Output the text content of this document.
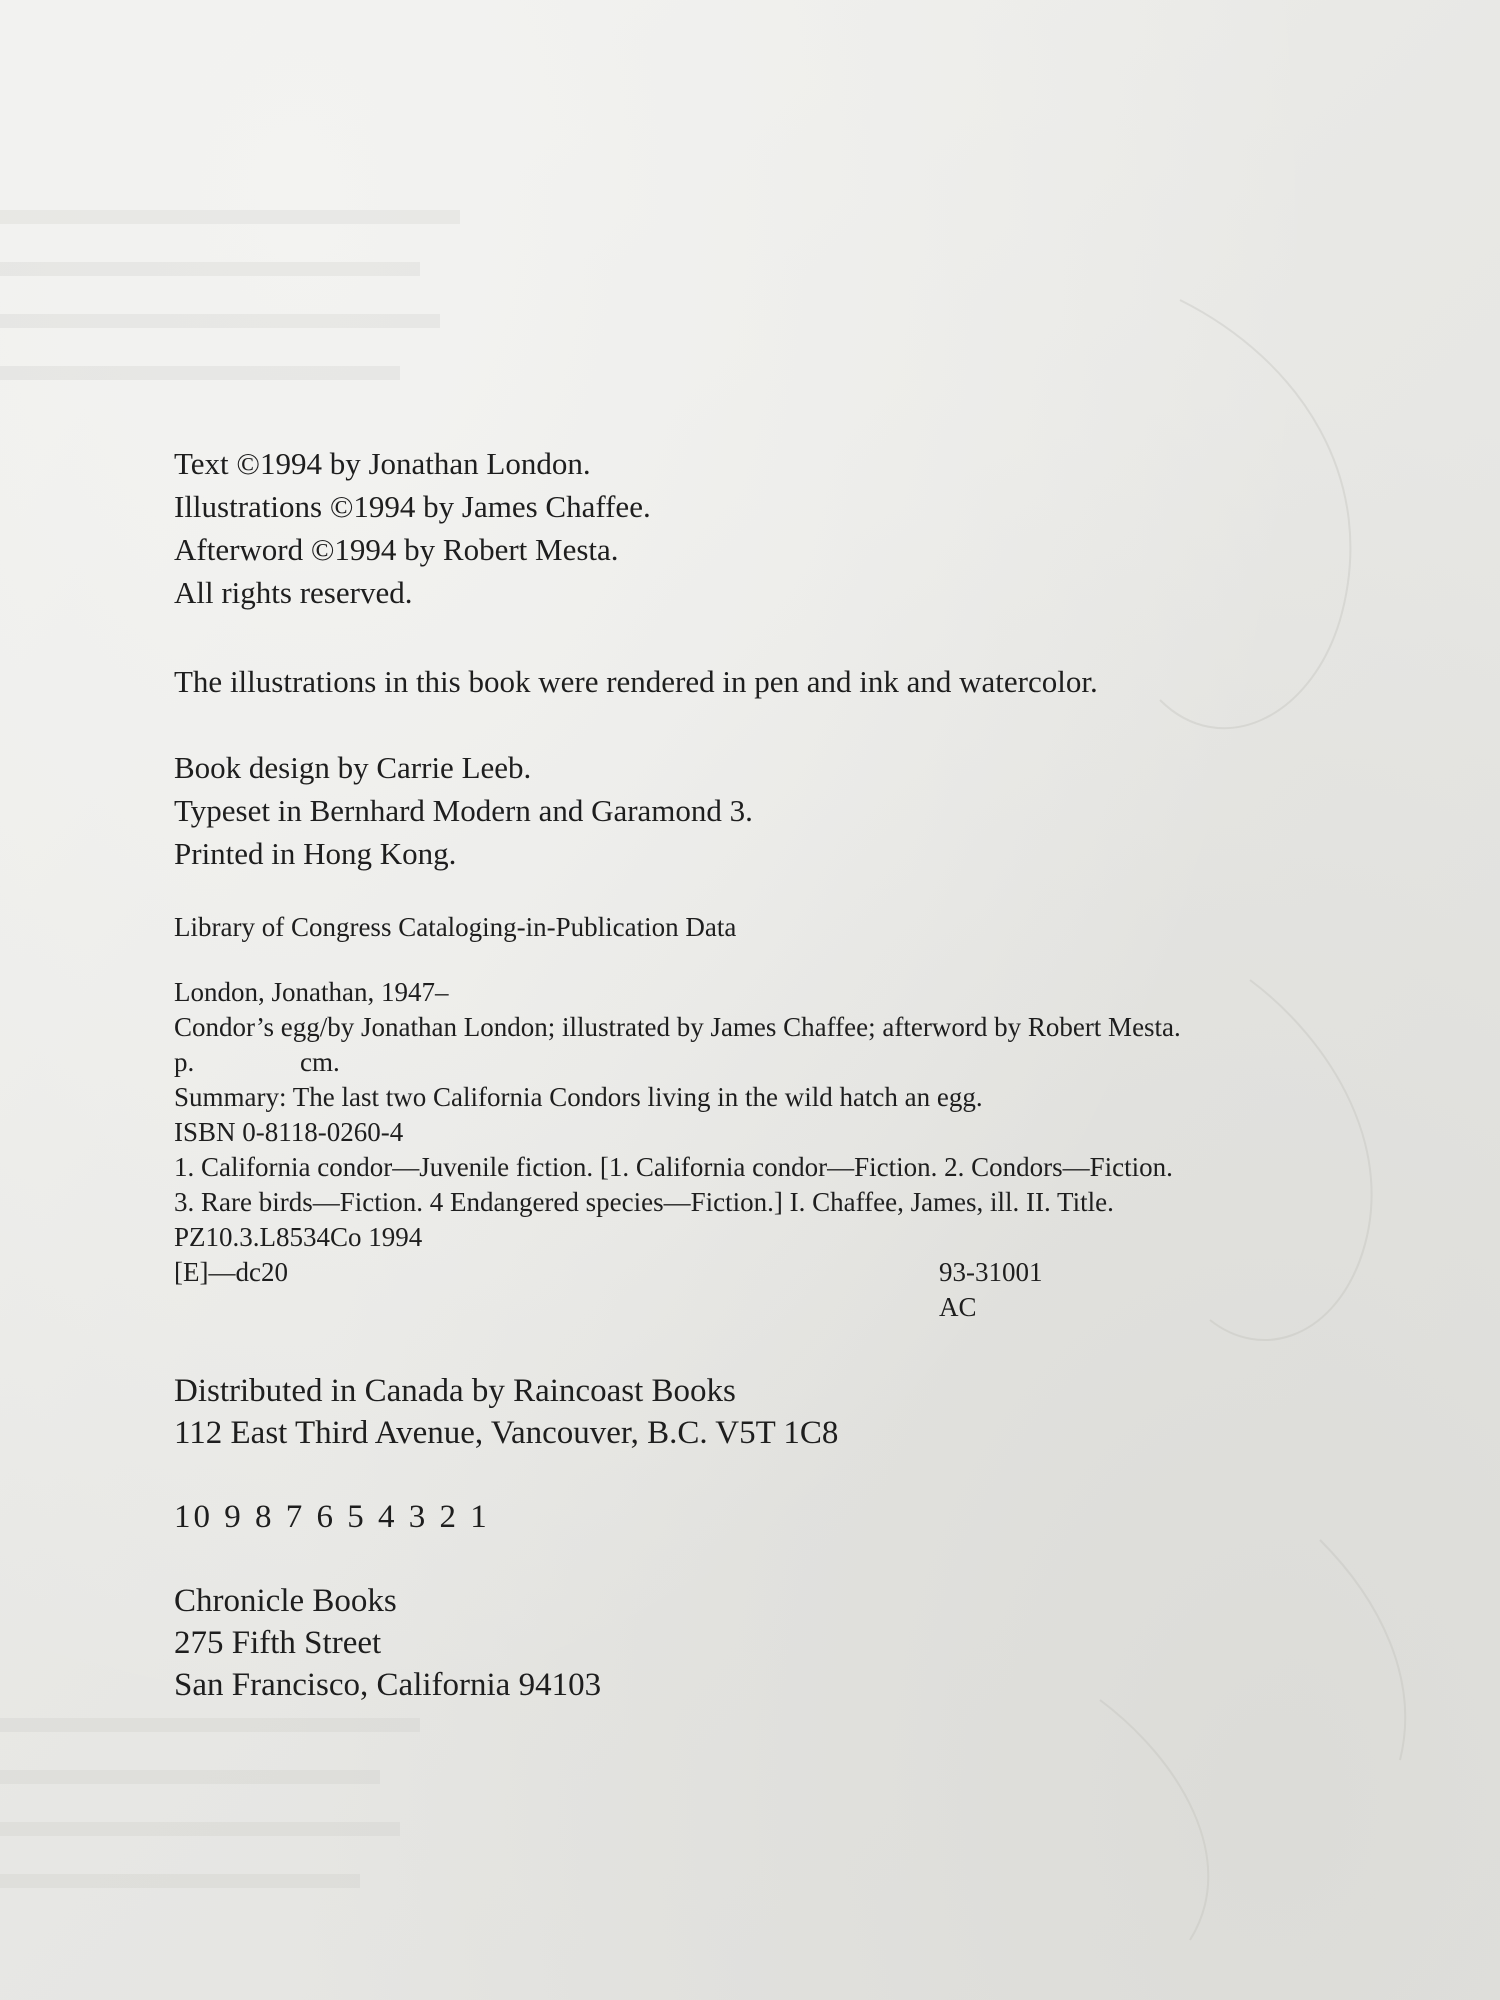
Text ©1994 by Jonathan London.
Illustrations ©1994 by James Chaffee.
Afterword ©1994 by Robert Mesta.
All rights reserved.
The illustrations in this book were rendered in pen and ink and watercolor.
Book design by Carrie Leeb.
Typeset in Bernhard Modern and Garamond 3.
Printed in Hong Kong.
Library of Congress Cataloging-in-Publication Data
London, Jonathan, 1947–
Condor’s egg/by Jonathan London; illustrated by James Chaffee; afterword by Robert Mesta.
p.	cm.
Summary: The last two California Condors living in the wild hatch an egg.
ISBN 0-8118-0260-4
1. California condor—Juvenile fiction. [1. California condor—Fiction. 2. Condors—Fiction.
3. Rare birds—Fiction. 4 Endangered species—Fiction.] I. Chaffee, James, ill. II. Title.
PZ10.3.L8534Co 1994
[E]—dc20	93-31001
AC
Distributed in Canada by Raincoast Books
112 East Third Avenue, Vancouver, B.C. V5T 1C8
10 9 8 7 6 5 4 3 2 1
Chronicle Books
275 Fifth Street
San Francisco, California 94103
